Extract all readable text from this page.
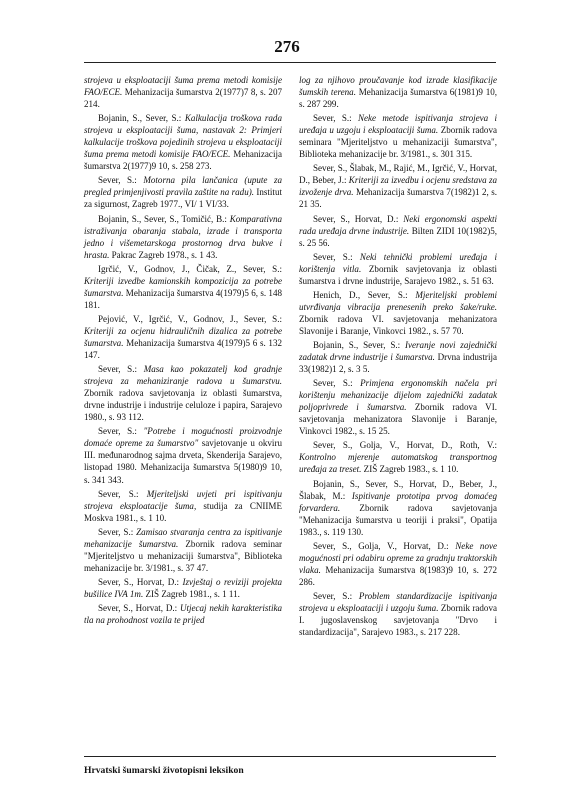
276

strojeva u eksploataciji šuma prema metodi komisije FAO/ECE. Mehanizacija šumarstva 2(1977)7 8, s. 207 214.

Bojanin, S., Sever, S.: Kalkulacija troškova rada strojeva u eksploataciji šuma, nastavak 2: Primjeri kalkulacije troškova pojedinih strojeva u eksploataciji šuma prema metodi komisije FAO/ECE. Mehanizacija šumarstva 2(1977)9 10, s. 258 273.

Sever, S.: Motorna pila lančanica (upute za pregled primjenjivosti pravila zaštite na radu). Institut za sigurnost, Zagreb 1977., VI/ 1 VI/33.

Bojanin, S., Sever, S., Tomičić, B.: Komparativna istraživanja obaranja stabala, izrade i transporta jedno i višemetarskoga prostornog drva bukve i hrasta. Pakrac Zagreb 1978., s. 1 43.

Igrčić, V., Godnov, J., Čičak, Z., Sever, S.: Kriteriji izvedbe kamionskih kompozicija za potrebe šumarstva. Mehanizacija šumarstva 4(1979)5 6, s. 148 181.

Pejović, V., Igrčić, V., Godnov, J., Sever, S.: Kriteriji za ocjenu hidrauličnih dizalica za potrebe šumarstva. Mehanizacija šumarstva 4(1979)5 6 s. 132 147.

Sever, S.: Masa kao pokazatelj kod gradnje strojeva za mehaniziranje radova u šumarstvu. Zbornik radova savjetovanja iz oblasti šumarstva, drvne industrije i industrije celuloze i papira, Sarajevo 1980., s. 93 112.

Sever, S.: "Potrebe i mogućnosti proizvodnje domaće opreme za šumarstvo" savjetovanje u okviru III. međunarodnog sajma drveta, Skenderija Sarajevo, listopad 1980. Mehanizacija šumarstva 5(1980)9 10, s. 341 343.

Sever, S.: Mjeriteljski uvjeti pri ispitivanju strojeva eksploatacije šuma, studija za CNIIME Moskva 1981., s. 1 10.

Sever, S.: Zamisao stvaranja centra za ispitivanje mehanizacije šumarstva. Zbornik radova seminar "Mjeriteljstvo u mehanizaciji šumarstva", Biblioteka mehanizacije br. 3/1981., s. 37 47.

Sever, S., Horvat, D.: Izvještaj o reviziji projekta bušilice IVA 1m. ZIŠ Zagreb 1981., s. 1 11.

Sever, S., Horvat, D.: Utjecaj nekih karakteristika tla na prohodnost vozila te prijed

log za njihovo proučavanje kod izrade klasifikacije šumskih terena. Mehanizacija šumarstva 6(1981)9 10, s. 287 299.

Sever, S.: Neke metode ispitivanja strojeva i uređaja u uzgoju i eksploataciji šuma. Zbornik radova seminara "Mjeriteljstvo u mehanizaciji šumarstva", Biblioteka mehanizacije br. 3/1981., s. 301 315.

Sever, S., Šlabak, M., Rajić, M., Igrčić, V., Horvat, D., Beber, J.: Kriteriji za izvedbu i ocjenu sredstava za izvoženje drva. Mehanizacija šumarstva 7(1982)1 2, s. 21 35.

Sever, S., Horvat, D.: Neki ergonomski aspekti rada uređaja drvne industrije. Bilten ZIDI 10(1982)5, s. 25 56.

Sever, S.: Neki tehnički problemi uređaja i korištenja vitla. Zbornik savjetovanja iz oblasti šumarstva i drvne industrije, Sarajevo 1982., s. 51 63.

Henich, D., Sever, S.: Mjeriteljski problemi utvrđivanja vibracija prenesenih preko šake/ruke. Zbornik radova VI. savjetovanja mehanizatora Slavonije i Baranje, Vinkovci 1982., s. 57 70.

Bojanin, S., Sever, S.: Iveranje novi zajednički zadatak drvne industrije i šumarstva. Drvna industrija 33(1982)1 2, s. 3 5.

Sever, S.: Primjena ergonomskih načela pri korištenju mehanizacije dijelom zajednički zadatak poljoprivrede i šumarstva. Zbornik radova VI. savjetovanja mehanizatora Slavonije i Baranje, Vinkovci 1982., s. 15 25.

Sever, S., Golja, V., Horvat, D., Roth, V.: Kontrolno mjerenje automatskog transportnog uređaja za treset. ZIŠ Zagreb 1983., s. 1 10.

Bojanin, S., Sever, S., Horvat, D., Beber, J., Šlabak, M.: Ispitivanje prototipa prvog domaćeg forvardera. Zbornik radova savjetovanja "Mehanizacija šumarstva u teoriji i praksi", Opatija 1983., s. 119 130.

Sever, S., Golja, V., Horvat, D.: Neke nove mogućnosti pri odabiru opreme za gradnju traktorskih vlaka. Mehanizacija šumarstva 8(1983)9 10, s. 272 286.

Sever, S.: Problem standardizacije ispitivanja strojeva u eksploataciji i uzgoju šuma. Zbornik radova I. jugoslavenskog savjetovanja "Drvo i standardizacija", Sarajevo 1983., s. 217 228.

Hrvatski šumarski životopisni leksikon
